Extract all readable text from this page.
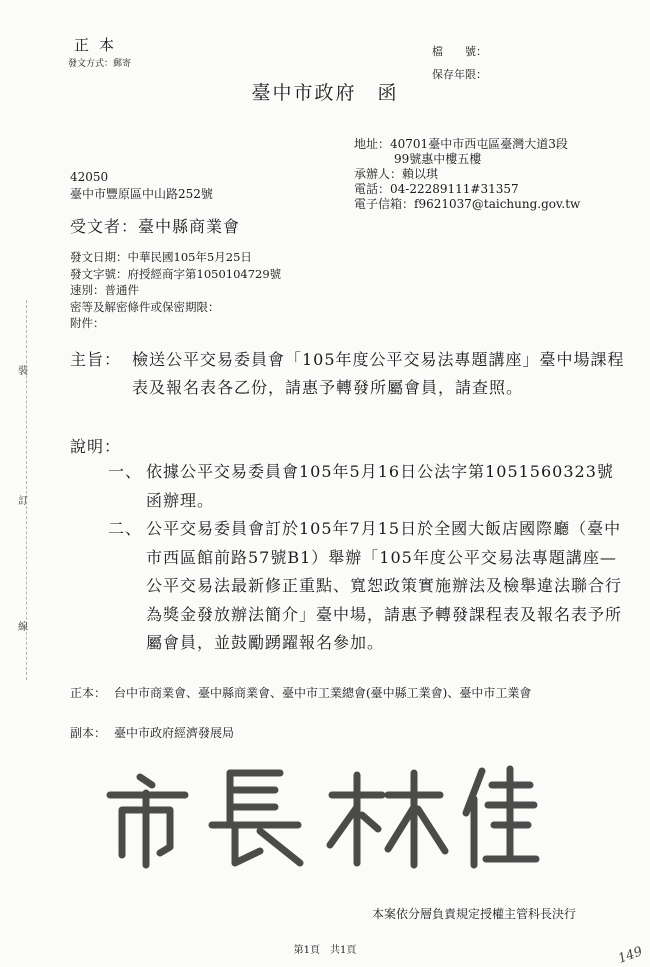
正本
發文方式：郵寄
檔　　號：
保存年限：
臺中市政府　函
地址： 40701臺中市西屯區臺灣大道3段
99號惠中樓五樓
承辦人： 賴以琪
電話： 04-22289111#31357
電子信箱： f9621037@taichung.gov.tw
42050
臺中市豐原區中山路252號
受文者：臺中縣商業會
發文日期：中華民國105年5月25日
發文字號：府授經商字第1050104729號
速別：普通件
密等及解密條件或保密期限：
附件：
主旨： 檢送公平交易委員會「105年度公平交易法專題講座」臺中場課程表及報名表各乙份，請惠予轉發所屬會員，請查照。
說明：
一、 依據公平交易委員會105年5月16日公法字第1051560323號函辦理。
二、 公平交易委員會訂於105年7月15日於全國大飯店國際廳（臺中市西區館前路57號B1）舉辦「105年度公平交易法專題講座—公平交易法最新修正重點、寬恕政策實施辦法及檢舉違法聯合行為獎金發放辦法簡介」臺中場，請惠予轉發課程表及報名表予所屬會員，並鼓勵踴躍報名參加。
正本： 台中市商業會、臺中縣商業會、臺中市工業總會(臺中縣工業會)、臺中市工業會
副本： 臺中市政府經濟發展局
本案依分層負責規定授權主管科長決行
第1頁　共1頁
裝
訂
線
149
